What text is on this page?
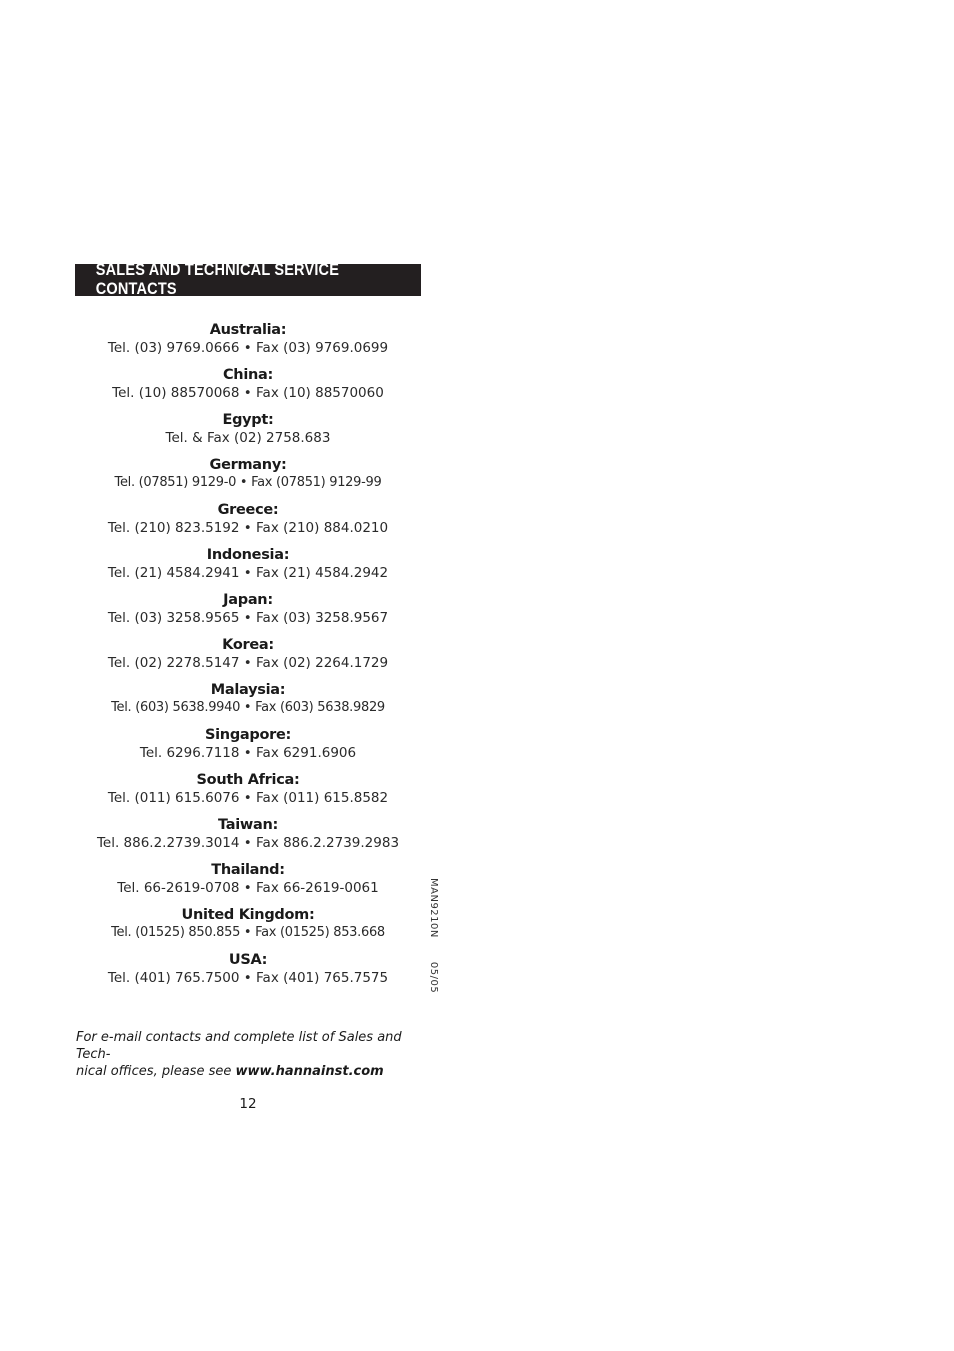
SALES AND TECHNICAL SERVICE CONTACTS
Australia:
Tel. (03) 9769.0666 • Fax (03) 9769.0699
China:
Tel. (10) 88570068 • Fax (10) 88570060
Egypt:
Tel. & Fax (02) 2758.683
Germany:
Tel. (07851) 9129-0 • Fax (07851) 9129-99
Greece:
Tel. (210) 823.5192 • Fax (210) 884.0210
Indonesia:
Tel. (21) 4584.2941 • Fax (21) 4584.2942
Japan:
Tel. (03) 3258.9565 • Fax (03) 3258.9567
Korea:
Tel. (02) 2278.5147 • Fax (02) 2264.1729
Malaysia:
Tel. (603) 5638.9940 • Fax (603) 5638.9829
Singapore:
Tel. 6296.7118 • Fax 6291.6906
South Africa:
Tel. (011) 615.6076 • Fax (011) 615.8582
Taiwan:
Tel. 886.2.2739.3014 • Fax 886.2.2739.2983
Thailand:
Tel. 66-2619-0708 • Fax 66-2619-0061
United Kingdom:
Tel. (01525) 850.855 • Fax (01525) 853.668
USA:
Tel. (401) 765.7500 • Fax (401) 765.7575
MAN9210N05/05
For e-mail contacts and complete list of Sales and Tech-
nical offices, please see www.hannainst.com
12
